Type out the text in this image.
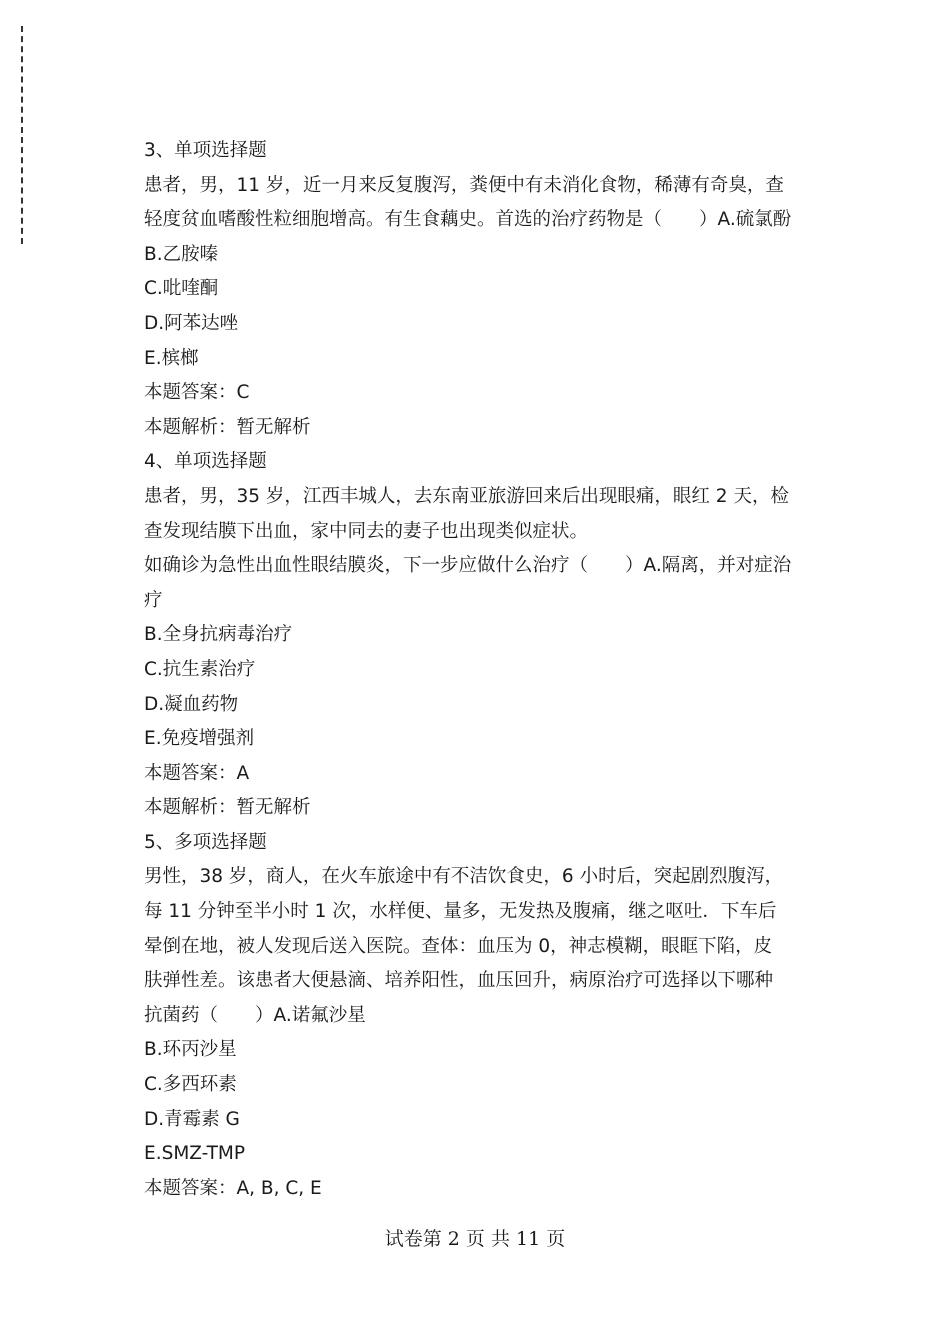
3、单项选择题
患者，男，11 岁，近一月来反复腹泻，粪便中有未消化食物，稀薄有奇臭，查
轻度贫血嗜酸性粒细胞增高。有生食藕史。首选的治疗药物是（　　）A.硫氯酚
B.乙胺嗪
C.吡喹酮
D.阿苯达唑
E.槟榔
本题答案：C
本题解析：暂无解析
4、单项选择题
患者，男，35 岁，江西丰城人，去东南亚旅游回来后出现眼痛，眼红 2 天，检
查发现结膜下出血，家中同去的妻子也出现类似症状。
如确诊为急性出血性眼结膜炎，下一步应做什么治疗（　　）A.隔离，并对症治
疗
B.全身抗病毒治疗
C.抗生素治疗
D.凝血药物
E.免疫增强剂
本题答案：A
本题解析：暂无解析
5、多项选择题
男性，38 岁，商人，在火车旅途中有不洁饮食史，6 小时后，突起剧烈腹泻，
每 11 分钟至半小时 1 次，水样便、量多，无发热及腹痛，继之呕吐．下车后
晕倒在地，被人发现后送入医院。查体：血压为 0，神志模糊，眼眶下陷，皮
肤弹性差。该患者大便悬滴、培养阳性，血压回升，病原治疗可选择以下哪种
抗菌药（　　）A.诺氟沙星
B.环丙沙星
C.多西环素
D.青霉素 G
E.SMZ-TMP
本题答案：A, B, C, E
试卷第 2 页 共 11 页
